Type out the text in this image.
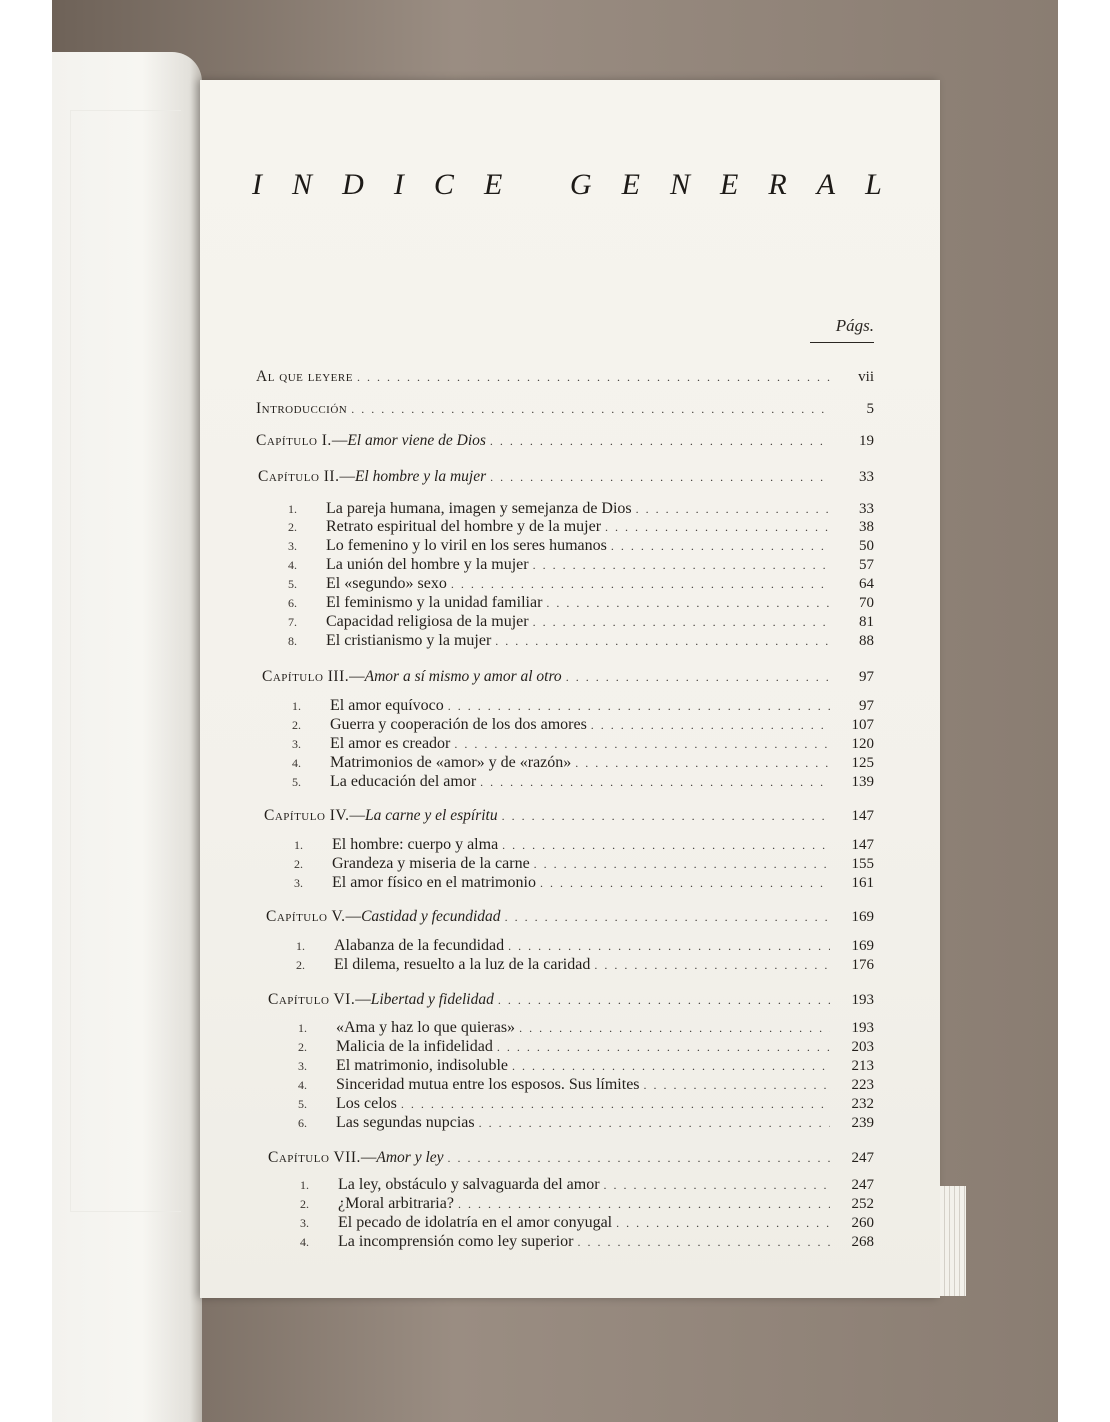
I N D I C E
G E N E R A L
Págs.
Al que leyere . . .	vii
Introducción . . .	5
Capítulo I.—El amor viene de Dios . . .	19
Capítulo II.—El hombre y la mujer . . .	33
1.	La pareja humana, imagen y semejanza de Dios . . .	33
2.	Retrato espiritual del hombre y de la mujer . . .	38
3.	Lo femenino y lo viril en los seres humanos . . .	50
4.	La unión del hombre y la mujer . . .	57
5.	El «segundo» sexo . . .	64
6.	El feminismo y la unidad familiar . . .	70
7.	Capacidad religiosa de la mujer . . .	81
8.	El cristianismo y la mujer . . .	88
Capítulo III.—Amor a sí mismo y amor al otro . . .	97
1.	El amor equívoco . . .	97
2.	Guerra y cooperación de los dos amores . . .	107
3.	El amor es creador . . .	120
4.	Matrimonios de «amor» y de «razón» . . .	125
5.	La educación del amor . . .	139
Capítulo IV.—La carne y el espíritu . . .	147
1.	El hombre: cuerpo y alma . . .	147
2.	Grandeza y miseria de la carne . . .	155
3.	El amor físico en el matrimonio . . .	161
Capítulo V.—Castidad y fecundidad . . .	169
1.	Alabanza de la fecundidad . . .	169
2.	El dilema, resuelto a la luz de la caridad . . .	176
Capítulo VI.—Libertad y fidelidad . . .	193
1.	«Ama y haz lo que quieras» . . .	193
2.	Malicia de la infidelidad . . .	203
3.	El matrimonio, indisoluble . . .	213
4.	Sinceridad mutua entre los esposos. Sus límites . . .	223
5.	Los celos . . .	232
6.	Las segundas nupcias . . .	239
Capítulo VII.—Amor y ley . . .	247
1.	La ley, obstáculo y salvaguarda del amor . . .	247
2.	¿Moral arbitraria? . . .	252
3.	El pecado de idolatría en el amor conyugal . . .	260
4.	La incomprensión como ley superior . . .	268
